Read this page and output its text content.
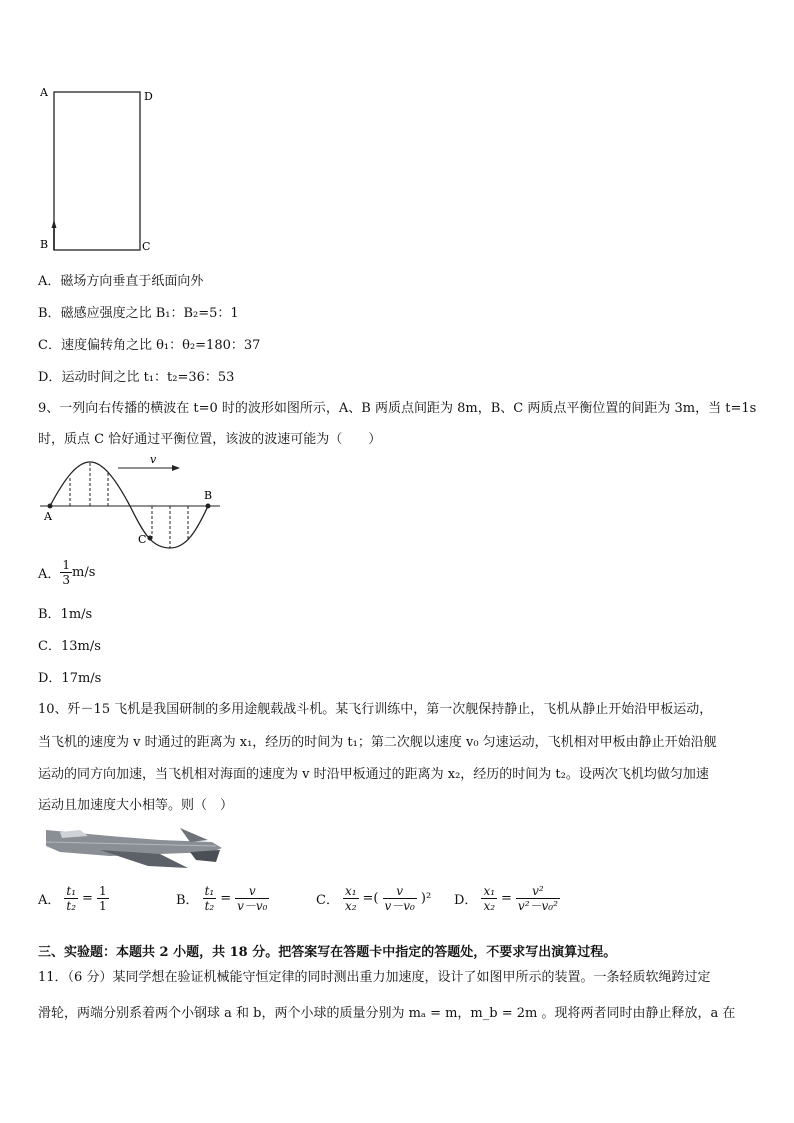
A	D
B	C
A．磁场方向垂直于纸面向外
B．磁感应强度之比 B₁：B₂=5：1
C．速度偏转角之比 θ₁：θ₂=180：37
D．运动时间之比 t₁：t₂=36：53
9、一列向右传播的横波在 t=0 时的波形如图所示，A、B 两质点间距为 8m，B、C 两质点平衡位置的间距为 3m，当 t=1s
时，质点 C 恰好通过平衡位置，该波的波速可能为（　　）
v
A
B
C
A． $\frac{1}{3} m/s$
B．1m/s
C．13m/s
D．17m/s
10、歼－15 飞机是我国研制的多用途舰载战斗机。某飞行训练中，第一次舰保持静止，飞机从静止开始沿甲板运动，
当飞机的速度为 v 时通过的距离为 x₁，经历的时间为 t₁；第二次舰以速度 v₀ 匀速运动，飞机相对甲板由静止开始沿舰
运动的同方向加速，当飞机相对海面的速度为 v 时沿甲板通过的距离为 x₂，经历的时间为 t₂。设两次飞机均做匀加速
运动且加速度大小相等。则（　）
A． $\frac{\text{t₁}}{\text{t₂}} = \frac{1}{1}$	B． $\frac{\text{t₁}}{\text{t₂}} = \frac{v}{\text{v－v₀}}$	C． $\frac{\text{x₁}}{\text{x₂}}$ =( $\frac{v}{\text{v－v₀}} )^2$ D． $\frac{\text{x₁}}{\text{x₂}} = \frac{\text{v²}}{\text{v²－v₀²}}$
三、实验题：本题共 2 小题，共 18 分。把答案写在答题卡中指定的答题处，不要求写出演算过程。
11．（6 分）某同学想在验证机械能守恒定律的同时测出重力加速度，设计了如图甲所示的装置。一条轻质软绳跨过定
滑轮，两端分别系着两个小钢球 a 和 b，两个小球的质量分别为 mₐ = m，m_b = 2m 。现将两者同时由静止释放，a 在
